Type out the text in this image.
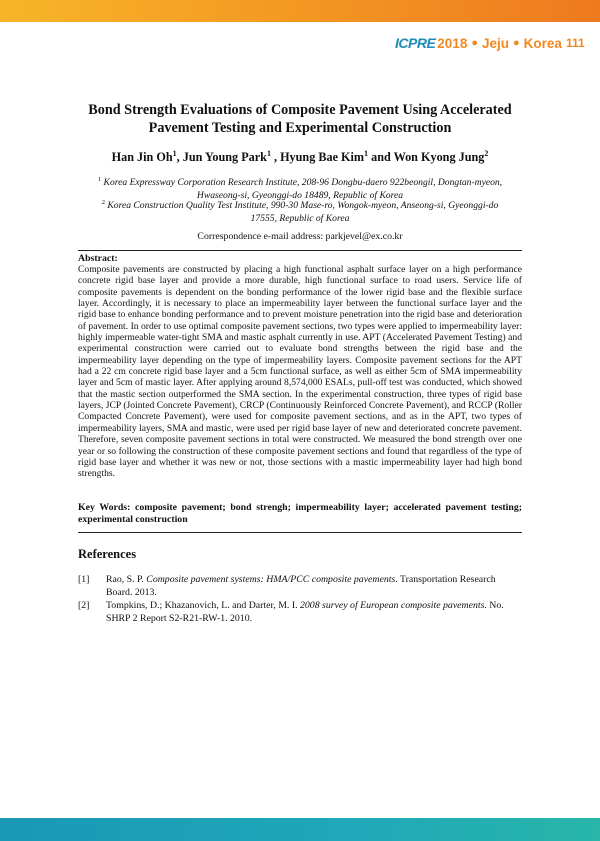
ICPRE 2018 ● Jeju ● Korea 111
Bond Strength Evaluations of Composite Pavement Using Accelerated Pavement Testing and Experimental Construction
Han Jin Oh$^1$, Jun Young Park$^1$ , Hyung Bae Kim$^1$ and Won Kyong Jung$^2$
$^1$ Korea Expressway Corporation Research Institute, 208-96 Dongbu-daero 922beongil, Dongtan-myeon, Hwaseong-si, Gyeonggi-do 18489, Republic of Korea
$^2$ Korea Construction Quality Test Institute, 990-30 Mase-ro, Wongok-myeon, Anseong-si, Gyeonggi-do 17555, Republic of Korea
Correspondence e-mail address: parkjevel@ex.co.kr
Abstract:
Composite pavements are constructed by placing a high functional asphalt surface layer on a high performance concrete rigid base layer and provide a more durable, high functional surface to road users. Service life of composite pavements is dependent on the bonding performance of the lower rigid base and the flexible surface layer. Accordingly, it is necessary to place an impermeability layer between the functional surface layer and the rigid base to enhance bonding performance and to prevent moisture penetration into the rigid base and deterioration of pavement. In order to use optimal composite pavement sections, two types were applied to impermeability layer: highly impermeable water-tight SMA and mastic asphalt currently in use. APT (Accelerated Pavement Testing) and experimental construction were carried out to evaluate bond strengths between the rigid base and the impermeability layer depending on the type of impermeability layers. Composite pavement sections for the APT had a 22 cm concrete rigid base layer and a 5cm functional surface, as well as either 5cm of SMA impermeability layer and 5cm of mastic layer. After applying around 8,574,000 ESALs, pull-off test was conducted, which showed that the mastic section outperformed the SMA section. In the experimental construction, three types of rigid base layers, JCP (Jointed Concrete Pavement), CRCP (Continuously Reinforced Concrete Pavement), and RCCP (Roller Compacted Concrete Pavement), were used for composite pavement sections, and as in the APT, two types of impermeability layers, SMA and mastic, were used per rigid base layer of new and deteriorated concrete pavement. Therefore, seven composite pavement sections in total were constructed. We measured the bond strength over one year or so following the construction of these composite pavement sections and found that regardless of the type of rigid base layer and whether it was new or not, those sections with a mastic impermeability layer had high bond strengths.
Key Words: composite pavement; bond strengh; impermeability layer; accelerated pavement testing; experimental construction
References
[1] Rao, S. P. Composite pavement systems: HMA/PCC composite pavements. Transportation Research Board. 2013.
[2] Tompkins, D.; Khazanovich, L. and Darter, M. I. 2008 survey of European composite pavements. No. SHRP 2 Report S2-R21-RW-1. 2010.
